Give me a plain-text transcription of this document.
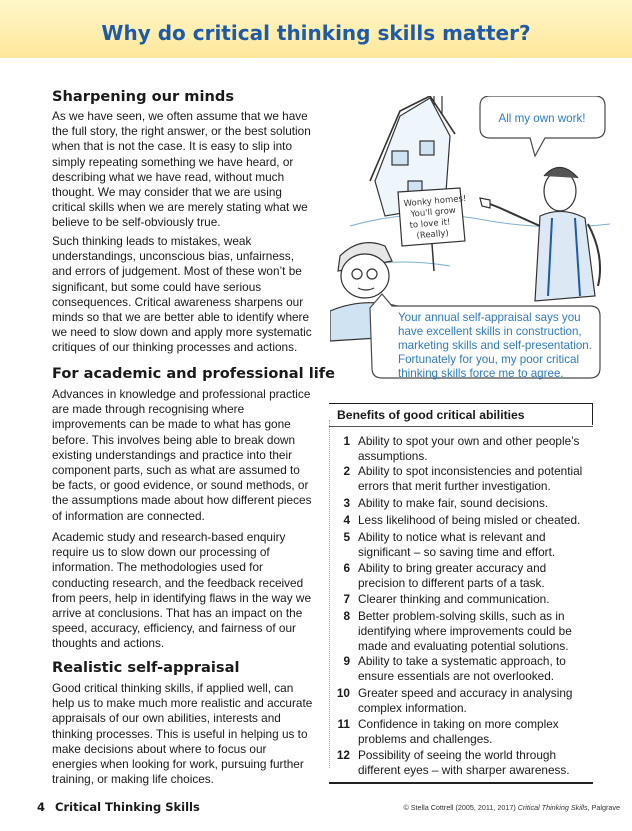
Why do critical thinking skills matter?
Sharpening our minds

As we have seen, we often assume that we have the full story, the right answer, or the best solution when that is not the case. It is easy to slip into simply repeating something we have heard, or describing what we have read, without much thought. We may consider that we are using critical skills when we are merely stating what we believe to be self-obviously true.

Such thinking leads to mistakes, weak understandings, unconscious bias, unfairness, and errors of judgement. Most of these won’t be significant, but some could have serious consequences. Critical awareness sharpens our minds so that we are better able to identify where we need to slow down and apply more systematic critiques of our thinking processes and actions.

For academic and professional life

Advances in knowledge and professional practice are made through recognising where improvements can be made to what has gone before. This involves being able to break down existing understandings and practice into their component parts, such as what are assumed to be facts, or good evidence, or sound methods, or the assumptions made about how different pieces of information are connected.

Academic study and research-based enquiry require us to slow down our processing of information. The methodologies used for conducting research, and the feedback received from peers, help in identifying flaws in the way we arrive at conclusions. That has an impact on the speed, accuracy, efficiency, and fairness of our thoughts and actions.

Realistic self-appraisal

Good critical thinking skills, if applied well, can help us to make much more realistic and accurate appraisals of our own abilities, interests and thinking processes. This is useful in helping us to make decisions about where to focus our energies when looking for work, pursuing further training, or making life choices.

All my own work!
Wonky homes! You'll grow to love it! (Really)
Your annual self-appraisal says you have excellent skills in construction, marketing skills and self-presentation. Fortunately for you, my poor critical thinking skills force me to agree.
Benefits of good critical abilities
1 Ability to spot your own and other people’s assumptions.
2 Ability to spot inconsistencies and potential errors that merit further investigation.
3 Ability to make fair, sound decisions.
4 Less likelihood of being misled or cheated.
5 Ability to notice what is relevant and significant – so saving time and effort.
6 Ability to bring greater accuracy and precision to different parts of a task.
7 Clearer thinking and communication.
8 Better problem-solving skills, such as in identifying where improvements could be made and evaluating potential solutions.
9 Ability to take a systematic approach, to ensure essentials are not overlooked.
10 Greater speed and accuracy in analysing complex information.
11 Confidence in taking on more complex problems and challenges.
12 Possibility of seeing the world through different eyes – with sharper awareness.
4 Critical Thinking Skills	© Stella Cottrell (2005, 2011, 2017) Critical Thinking Skills, Palgrave
